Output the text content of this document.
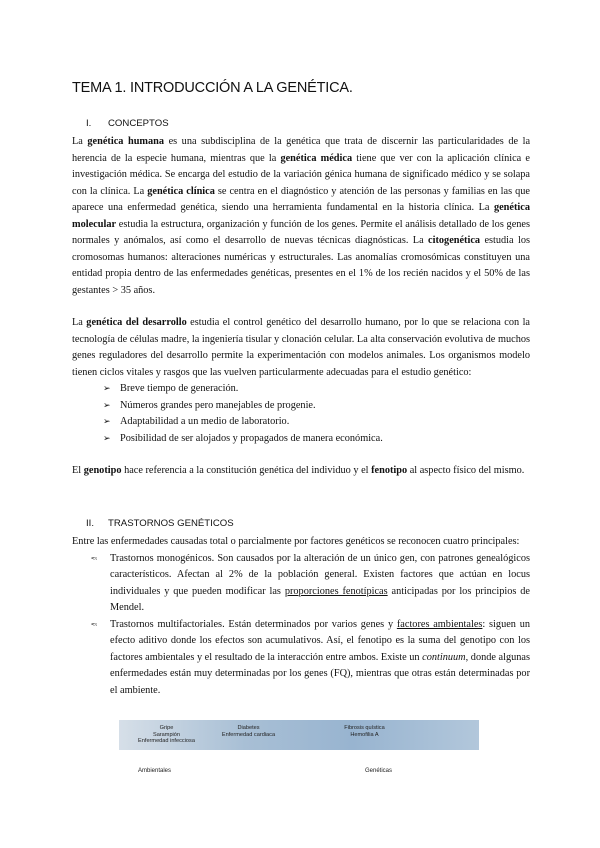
TEMA 1. INTRODUCCIÓN A LA GENÉTICA.
I. CONCEPTOS

La genética humana es una subdisciplina de la genética que trata de discernir las particularidades de la herencia de la especie humana, mientras que la genética médica tiene que ver con la aplicación clínica e investigación médica. Se encarga del estudio de la variación génica humana de significado médico y se solapa con la clínica. La genética clínica se centra en el diagnóstico y atención de las personas y familias en las que aparece una enfermedad genética, siendo una herramienta fundamental en la historia clínica. La genética molecular estudia la estructura, organización y función de los genes. Permite el análisis detallado de los genes normales y anómalos, así como el desarrollo de nuevas técnicas diagnósticas. La citogenética estudia los cromosomas humanos: alteraciones numéricas y estructurales. Las anomalías cromosómicas constituyen una entidad propia dentro de las enfermedades genéticas, presentes en el 1% de los recién nacidos y el 50% de las gestantes > 35 años.

La genética del desarrollo estudia el control genético del desarrollo humano, por lo que se relaciona con la tecnología de células madre, la ingeniería tisular y clonación celular. La alta conservación evolutiva de muchos genes reguladores del desarrollo permite la experimentación con modelos animales. Los organismos modelo tienen ciclos vitales y rasgos que las vuelven particularmente adecuadas para el estudio genético:

➢ Breve tiempo de generación.
➢ Números grandes pero manejables de progenie.
➢ Adaptabilidad a un medio de laboratorio.
➢ Posibilidad de ser alojados y propagados de manera económica.

El genotipo hace referencia a la constitución genética del individuo y el fenotipo al aspecto físico del mismo.

II. TRASTORNOS GENÉTICOS

Entre las enfermedades causadas total o parcialmente por factores genéticos se reconocen cuatro principales:

🖘 Trastornos monogénicos. Son causados por la alteración de un único gen, con patrones genealógicos característicos. Afectan al 2% de la población general. Existen factores que actúan en locus individuales y que pueden modificar las proporciones fenotípicas anticipadas por los principios de Mendel.
🖘 Trastornos multifactoriales. Están determinados por varios genes y factores ambientales: siguen un efecto aditivo donde los efectos son acumulativos. Así, el fenotipo es la suma del genotipo con los factores ambientales y el resultado de la interacción entre ambos. Existe un continuum, donde algunas enfermedades están muy determinadas por los genes (FQ), mientras que otras están determinadas por el ambiente.
Gripe
Sarampión
Enfermedad infecciosa
Diabetes
Enfermedad cardiaca
Fibrosis quística
Hemofilia A
Ambientales	Genéticas
